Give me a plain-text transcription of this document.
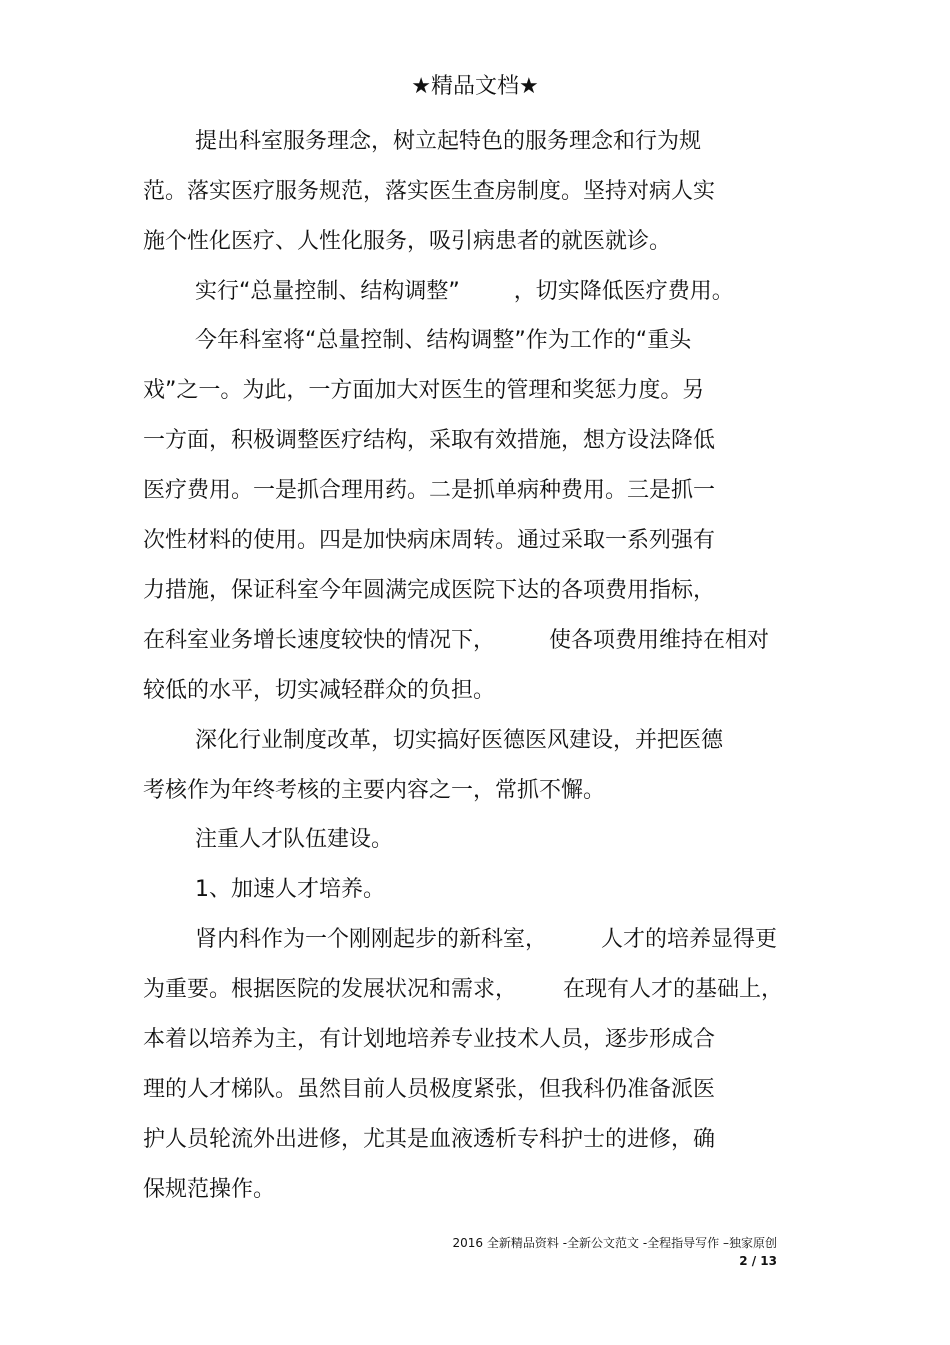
★精品文档★
提出科室服务理念，树立起特色的服务理念和行为规
范。落实医疗服务规范，落实医生查房制度。坚持对病人实
施个性化医疗、人性化服务，吸引病患者的就医就诊。
实行“总量控制、结构调整” ，切实降低医疗费用。
今年科室将“总量控制、结构调整”作为工作的“重头
戏”之一。为此，一方面加大对医生的管理和奖惩力度。另
一方面，积极调整医疗结构，采取有效措施，想方设法降低
医疗费用。一是抓合理用药。二是抓单病种费用。三是抓一
次性材料的使用。四是加快病床周转。通过采取一系列强有
力措施，保证科室今年圆满完成医院下达的各项费用指标，
在科室业务增长速度较快的情况下， 使各项费用维持在相对
较低的水平，切实减轻群众的负担。
深化行业制度改革，切实搞好医德医风建设，并把医德
考核作为年终考核的主要内容之一，常抓不懈。
注重人才队伍建设。
1、加速人才培养。
肾内科作为一个刚刚起步的新科室， 人才的培养显得更
为重要。根据医院的发展状况和需求， 在现有人才的基础上，
本着以培养为主，有计划地培养专业技术人员，逐步形成合
理的人才梯队。虽然目前人员极度紧张，但我科仍准备派医
护人员轮流外出进修，尤其是血液透析专科护士的进修，确
保规范操作。
2016 全新精品资料 -全新公文范文 -全程指导写作 –独家原创
2 / 13
